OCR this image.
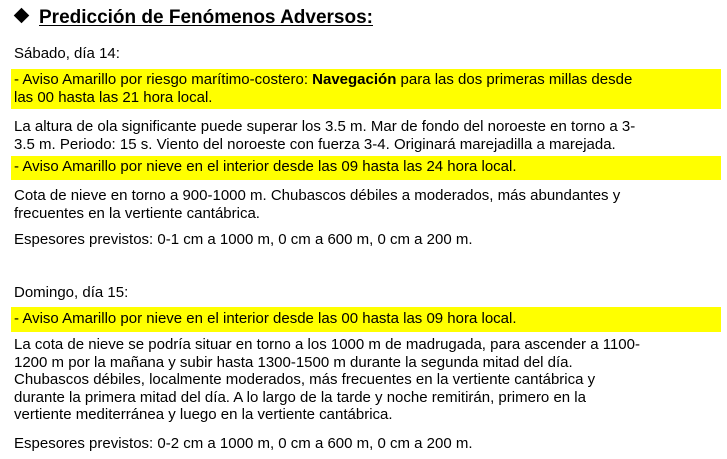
Predicción de Fenómenos Adversos:
Sábado, día 14:
- Aviso Amarillo por riesgo marítimo-costero: Navegación para las dos primeras millas desde
las 00 hasta las 21 hora local.
La altura de ola significante puede superar los 3.5 m. Mar de fondo del noroeste en torno a 3-
3.5 m. Periodo: 15 s. Viento del noroeste con fuerza 3-4. Originará marejadilla a marejada.
- Aviso Amarillo por nieve en el interior desde las 09 hasta las 24 hora local.
Cota de nieve en torno a 900-1000 m. Chubascos débiles a moderados, más abundantes y
frecuentes en la vertiente cantábrica.
Espesores previstos: 0-1 cm a 1000 m, 0 cm a 600 m, 0 cm a 200 m.
Domingo, día 15:
- Aviso Amarillo por nieve en el interior desde las 00 hasta las 09 hora local.
La cota de nieve se podría situar en torno a los 1000 m de madrugada, para ascender a 1100-
1200 m por la mañana y subir hasta 1300-1500 m durante la segunda mitad del día.
Chubascos débiles, localmente moderados, más frecuentes en la vertiente cantábrica y
durante la primera mitad del día. A lo largo de la tarde y noche remitirán, primero en la
vertiente mediterránea y luego en la vertiente cantábrica.
Espesores previstos: 0-2 cm a 1000 m, 0 cm a 600 m, 0 cm a 200 m.
